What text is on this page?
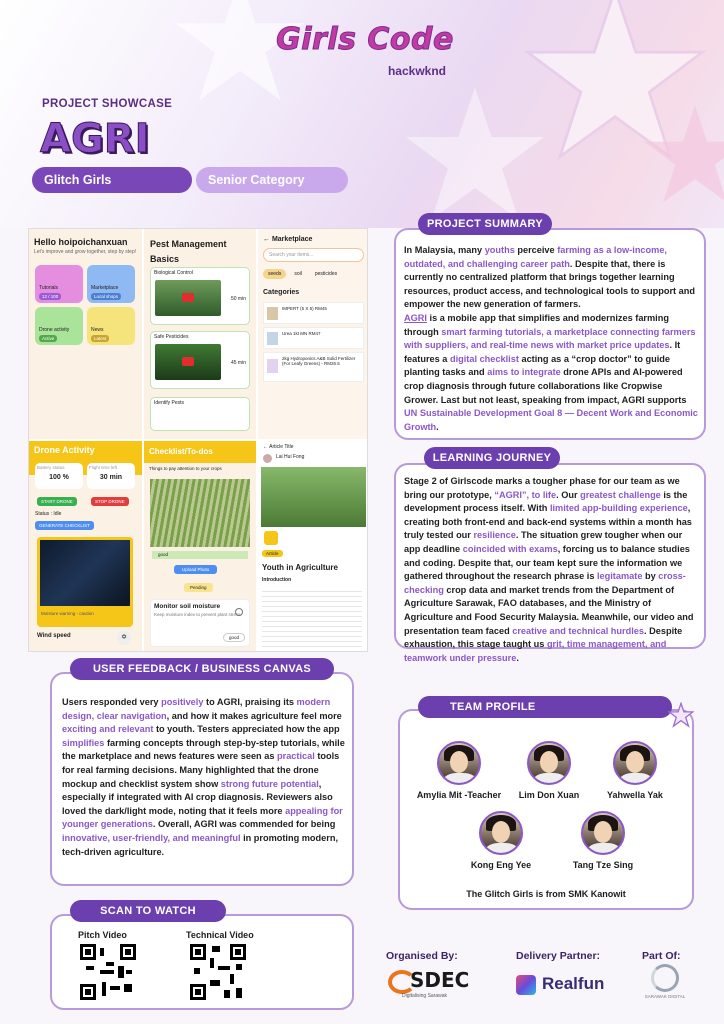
Girls Code
hackwknd
PROJECT SHOWCASE
AGRI
Glitch Girls	Senior Category
Hello hoipoichanxuan
Let's improve and grow together, step by step!
Tutorials
12 / 100
Marketplace
Local shops
Drone activity
Active
News
Latest
Pest Management Basics
Biological Control
50 min
Safe Pesticides
45 min
Identify Pests
← Marketplace
Search your items...
seeds	soil	pesticides
Categories
IMPERT (5 X 5) RM45
Urea 1kt MN RM47
2kg Hydroponics A&B Solid Fertilizer (For Leafy Greens) - RM26.5
Drone Activity
Battery status
100 %
Flight time left
30 min
START DRONE	STOP DRONE
Status : Idle
GENERATE CHECKLIST
Moisture warning - caution
Wind speed	✡
Checklist/To-dos
Things to pay attention to your crops
good
Upload Photo
Pending
Monitor soil moisture
Keep moisture index to prevent plant stress.
good
← Article Title
Lai Hui Fong
Article
Youth in Agriculture
Introduction
In Malaysia, many youths perceive farming as a low-income, outdated, and challenging career path. Despite that, there is currently no centralized platform that brings together learning resources, product access, and technological tools to support and empower the new generation of farmers.
AGRI is a mobile app that simplifies and modernizes farming through smart farming tutorials, a marketplace connecting farmers with suppliers, and real-time news with market price updates. It features a digital checklist acting as a “crop doctor” to guide planting tasks and aims to integrate drone APIs and AI-powered crop diagnosis through future collaborations like Cropwise Grower. Last but not least, speaking from impact, AGRI supports UN Sustainable Development Goal 8 — Decent Work and Economic Growth.
PROJECT SUMMARY
Stage 2 of Girlscode marks a tougher phase for our team as we bring our prototype, “AGRI”, to life. Our greatest challenge is the development process itself. With limited app-building experience, creating both front-end and back-end systems within a month has truly tested our resilience. The situation grew tougher when our app deadline coincided with exams, forcing us to balance studies and coding. Despite that, our team kept sure the information we gathered throughout the research phrase is legitamate by cross-checking crop data and market trends from the Department of Agriculture Sarawak, FAO databases, and the Ministry of Agriculture and Food Security Malaysia. Meanwhile, our video and presentation team faced creative and technical hurdles. Despite exhaustion, this stage taught us grit, time management, and teamwork under pressure.
LEARNING JOURNEY
Users responded very positively to AGRI, praising its modern design, clear navigation, and how it makes agriculture feel more exciting and relevant to youth. Testers appreciated how the app simplifies farming concepts through step-by-step tutorials, while the marketplace and news features were seen as practical tools for real farming decisions. Many highlighted that the drone mockup and checklist system show strong future potential, especially if integrated with AI crop diagnosis. Reviewers also loved the dark/light mode, noting that it feels more appealing for younger generations. Overall, AGRI was commended for being innovative, user-friendly, and meaningful in promoting modern, tech-driven agriculture.
USER FEEDBACK / BUSINESS CANVAS
Amylia Mit -Teacher	Lim Don Xuan	Yahwella Yak
Kong Eng Yee	Tang Tze Sing
The Glitch Girls is from SMK Kanowit
TEAM PROFILE
Pitch Video	Technical Video
SCAN TO WATCH
Organised By:
SDEC
Digitalising Sarawak
Delivery Partner:
Realfun
Part Of:
SARAWAK DIGITAL
